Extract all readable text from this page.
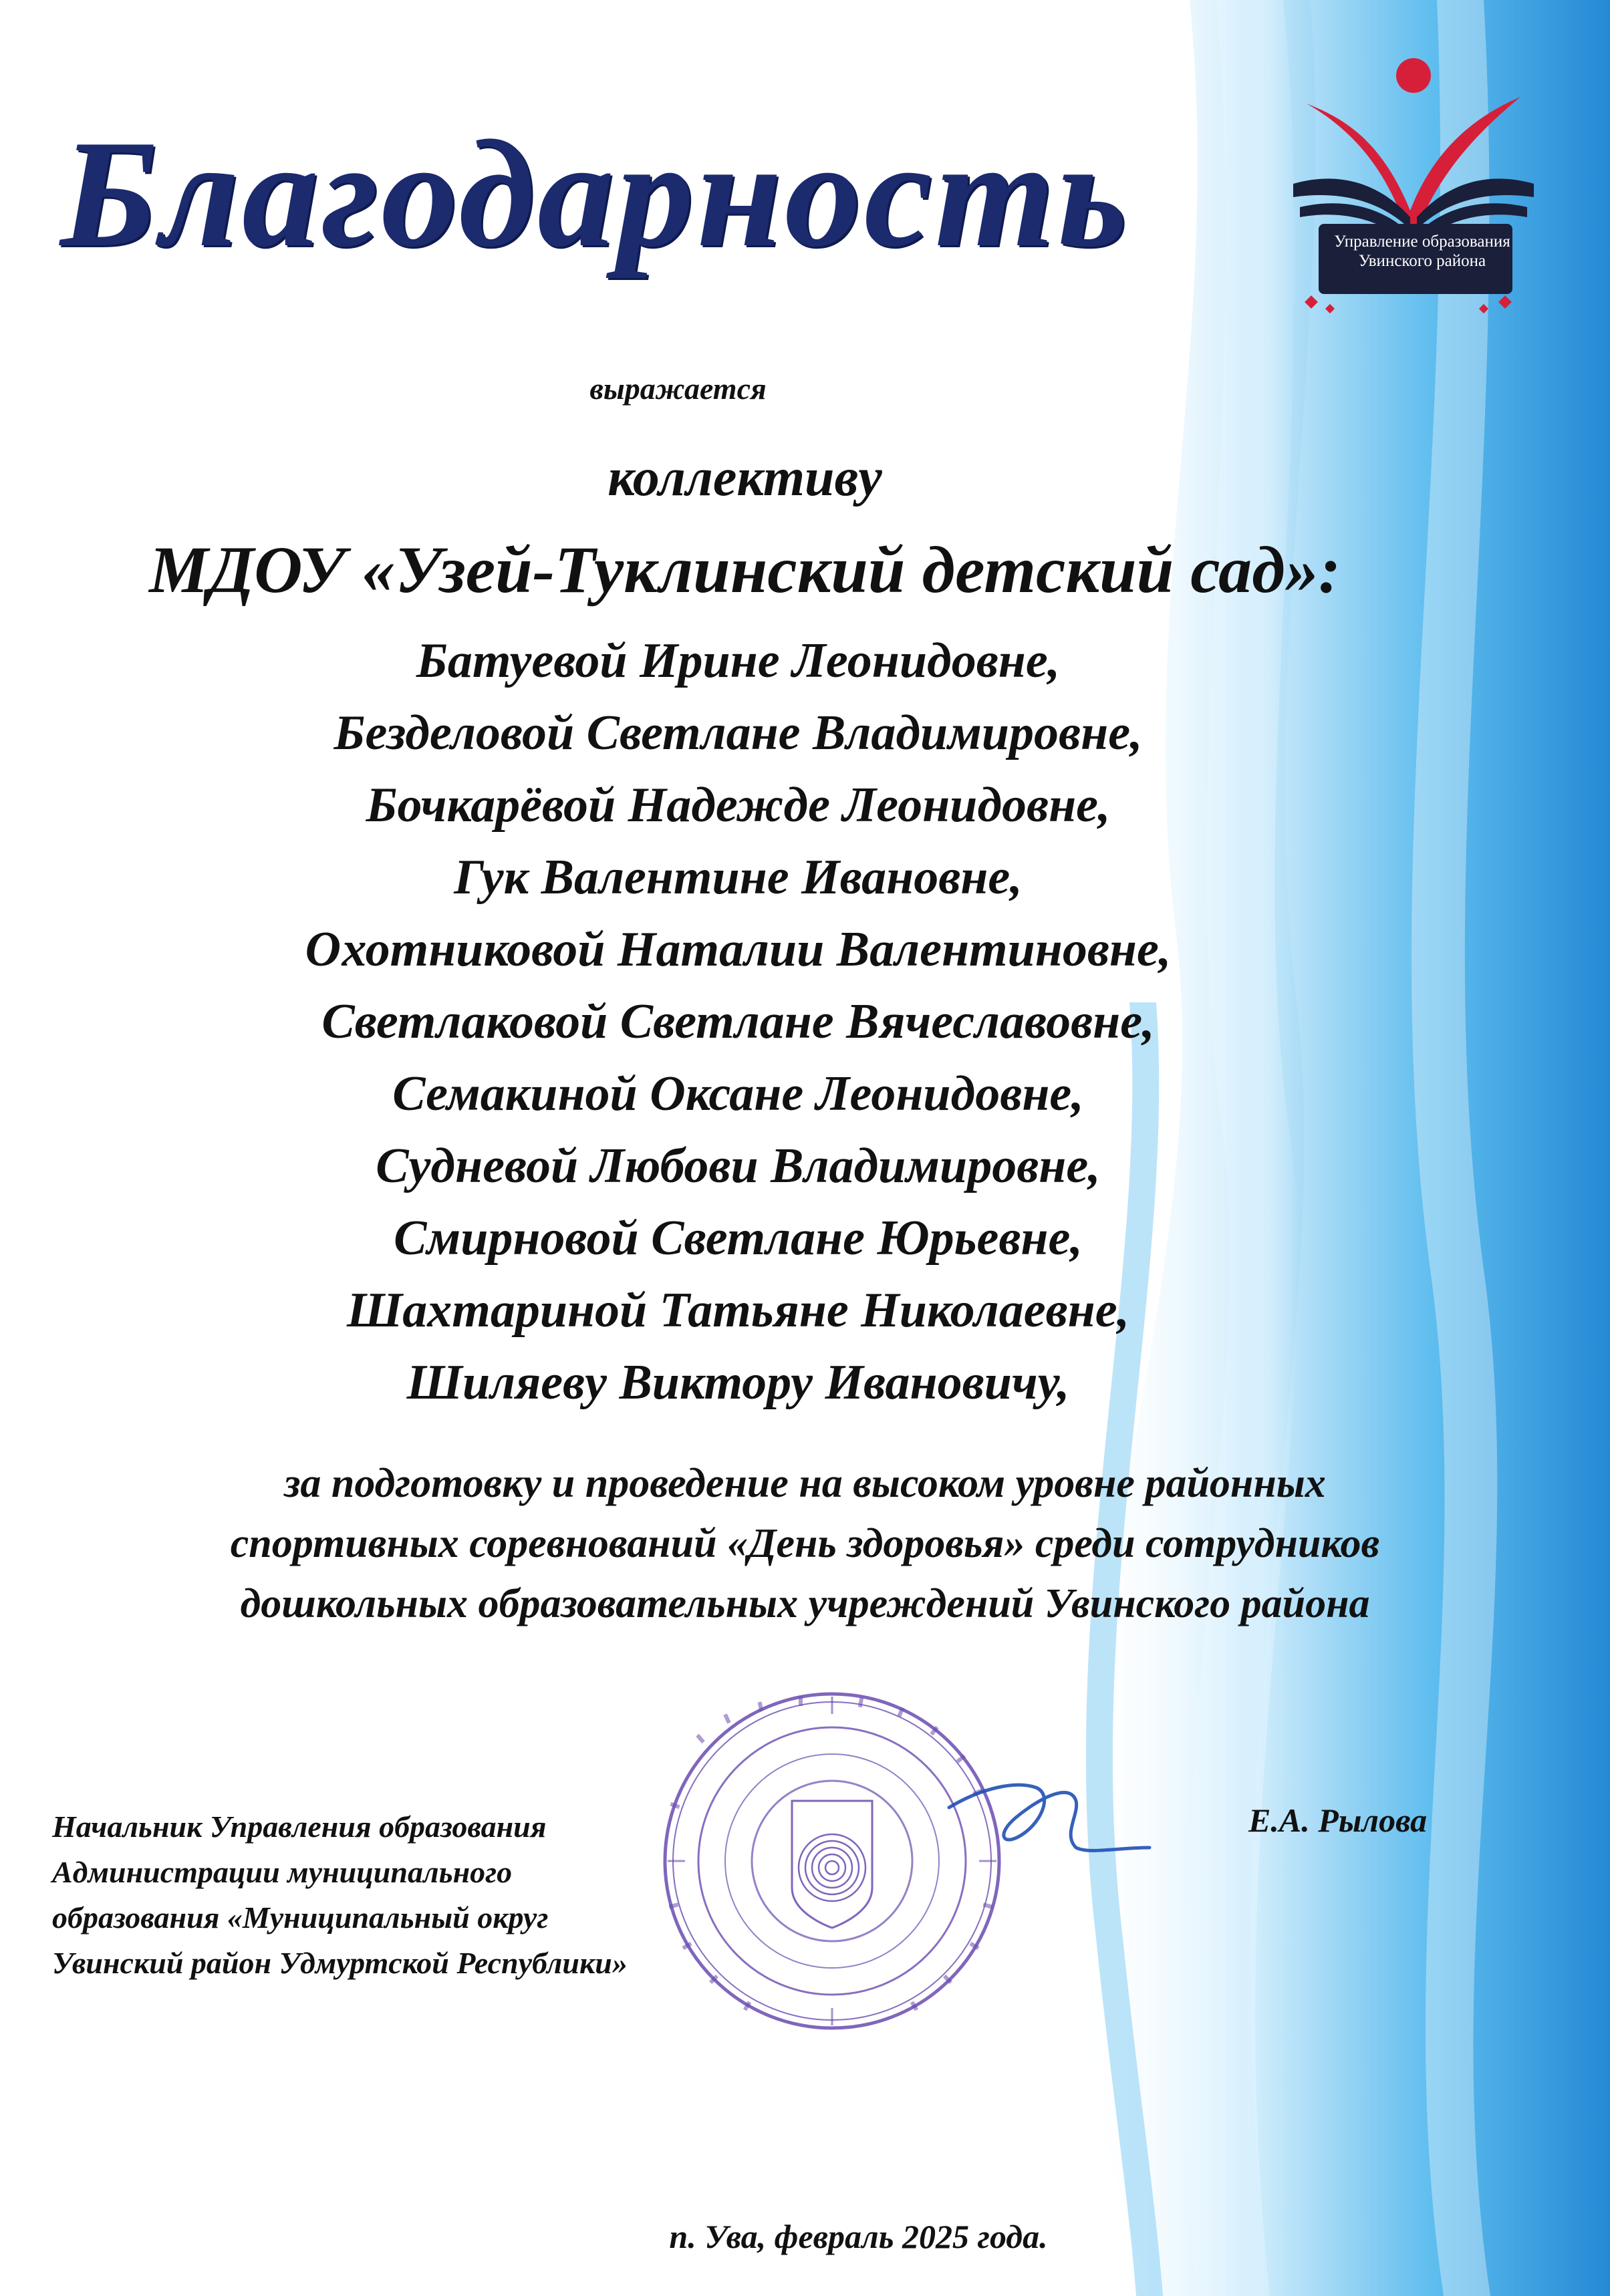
Управление образования
Увинского района
Благодарность
выражается
коллективу
МДОУ «Узей-Туклинский детский сад»:
Батуевой Ирине Леонидовне,
Безделовой Светлане Владимировне,
Бочкарёвой Надежде Леонидовне,
Гук Валентине Ивановне,
Охотниковой Наталии Валентиновне,
Светлаковой Светлане Вячеславовне,
Семакиной Оксане Леонидовне,
Судневой Любови Владимировне,
Смирновой Светлане Юрьевне,
Шахтариной Татьяне Николаевне,
Шиляеву Виктору Ивановичу,
за подготовку и проведение на высоком уровне районных
спортивных соревнований «День здоровья» среди сотрудников
дошкольных образовательных учреждений Увинского района
Начальник Управления образования
Администрации муниципального
образования «Муниципальный округ
Увинский район Удмуртской Республики»
Е.А. Рылова
п. Ува, февраль 2025 года.
